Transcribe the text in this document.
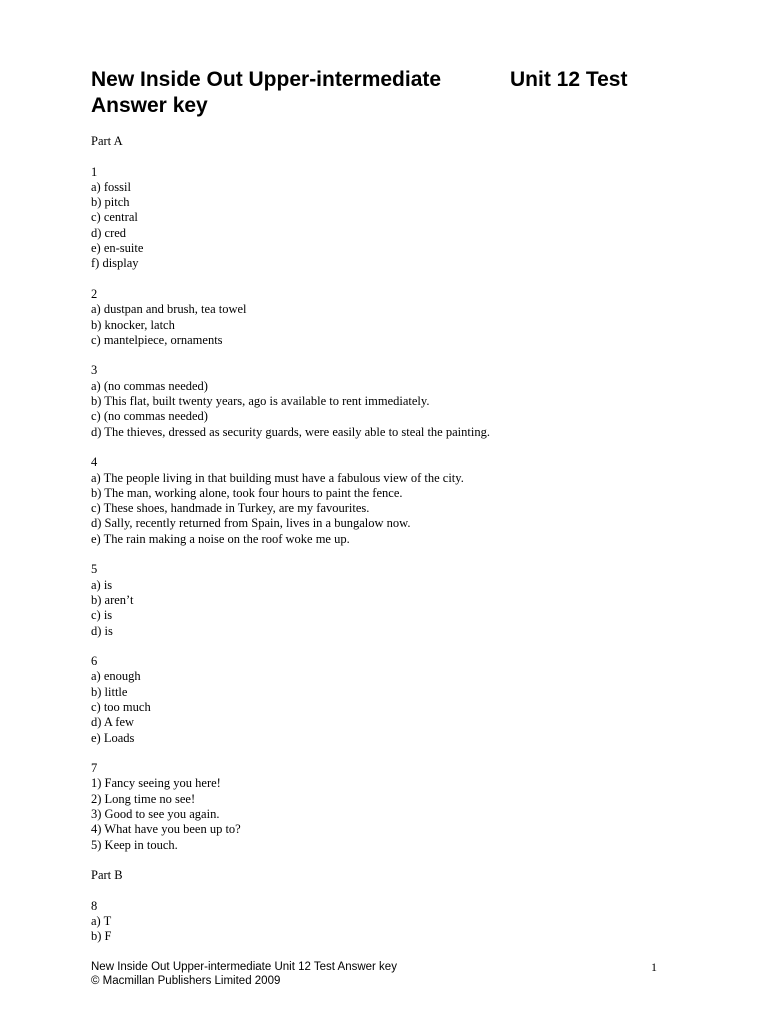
New Inside Out Upper-intermediate	Unit 12 Test
Answer key
Part A
1
a) fossil
b) pitch
c) central
d) cred
e) en-suite
f) display
2
a) dustpan and brush, tea towel
b) knocker, latch
c) mantelpiece, ornaments
3
a) (no commas needed)
b) This flat, built twenty years, ago is available to rent immediately.
c) (no commas needed)
d) The thieves, dressed as security guards, were easily able to steal the painting.
4
a) The people living in that building must have a fabulous view of the city.
b) The man, working alone, took four hours to paint the fence.
c) These shoes, handmade in Turkey, are my favourites.
d) Sally, recently returned from Spain, lives in a bungalow now.
e) The rain making a noise on the roof woke me up.
5
a) is
b) aren’t
c) is
d) is
6
a) enough
b) little
c) too much
d) A few
e) Loads
7
1) Fancy seeing you here!
2) Long time no see!
3) Good to see you again.
4) What have you been up to?
5) Keep in touch.
Part B
8
a) T
b) F
New Inside Out Upper-intermediate Unit 12 Test Answer key
© Macmillan Publishers Limited 2009
1
